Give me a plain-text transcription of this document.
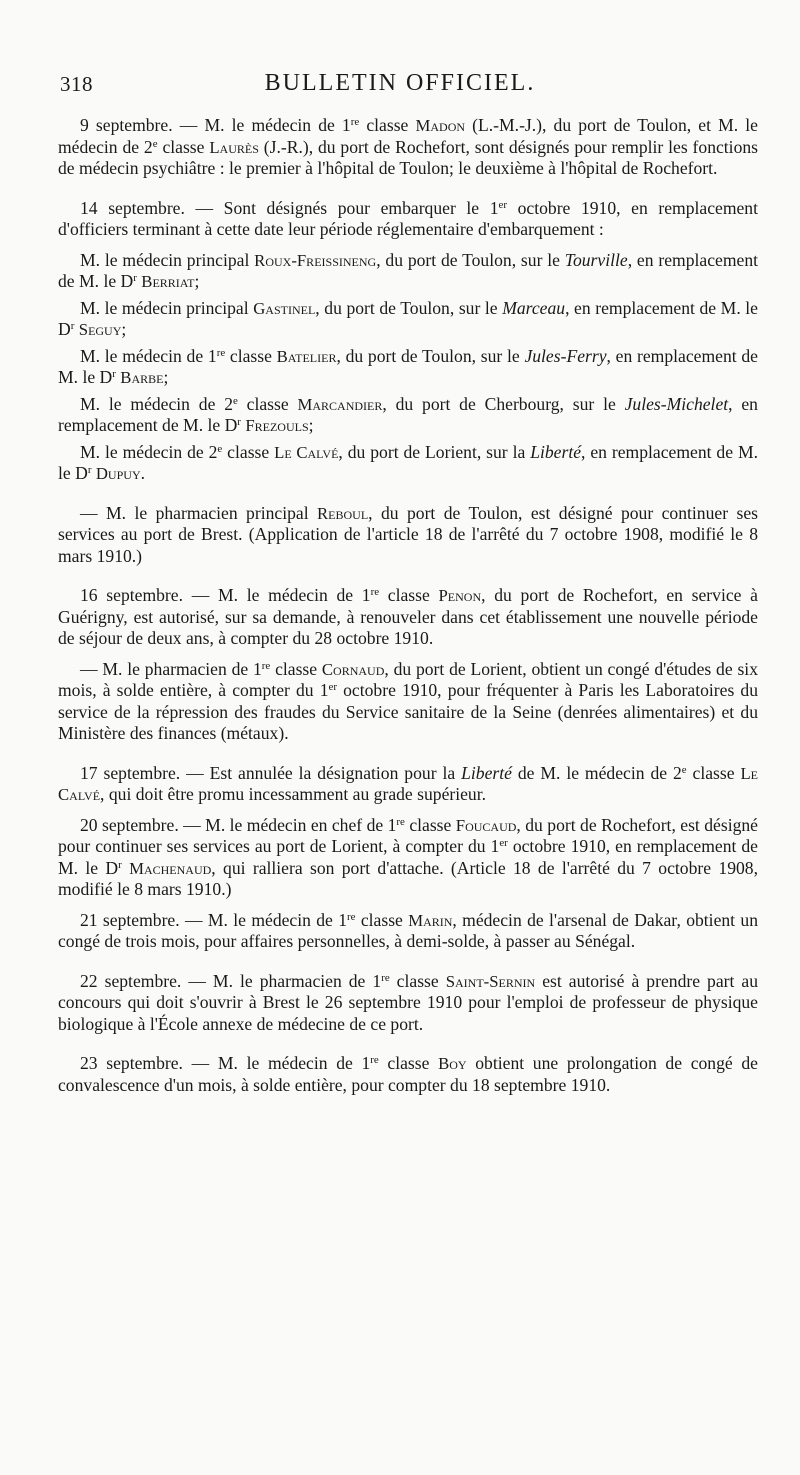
318	BULLETIN OFFICIEL.

9 septembre. — M. le médecin de 1re classe Madon (L.-M.-J.), du port de Toulon, et M. le médecin de 2e classe Laurès (J.-R.), du port de Rochefort, sont désignés pour remplir les fonctions de médecin psychiâtre : le premier à l'hôpital de Toulon; le deuxième à l'hôpital de Rochefort.

14 septembre. — Sont désignés pour embarquer le 1er octobre 1910, en remplacement d'officiers terminant à cette date leur période réglementaire d'embarquement :

M. le médecin principal Roux-Freissineng, du port de Toulon, sur le Tourville, en remplacement de M. le $D^r$ Berriat;

M. le médecin principal Gastinel, du port de Toulon, sur le Marceau, en remplacement de M. le $D^r$ Seguy;

M. le médecin de 1re classe Batelier, du port de Toulon, sur le Jules-Ferry, en remplacement de M. le $D^r$ Barbe;

M. le médecin de 2e classe Marcandier, du port de Cherbourg, sur le Jules-Michelet, en remplacement de M. le $D^r$ Frezouls;

M. le médecin de 2e classe Le Calvé, du port de Lorient, sur la Liberté, en remplacement de M. le $D^r$ Dupuy.

— M. le pharmacien principal Reboul, du port de Toulon, est désigné pour continuer ses services au port de Brest. (Application de l'article 18 de l'arrêté du 7 octobre 1908, modifié le 8 mars 1910.)

16 septembre. — M. le médecin de 1re classe Penon, du port de Rochefort, en service à Guérigny, est autorisé, sur sa demande, à renouveler dans cet établissement une nouvelle période de séjour de deux ans, à compter du 28 octobre 1910.

— M. le pharmacien de 1re classe Cornaud, du port de Lorient, obtient un congé d'études de six mois, à solde entière, à compter du 1er octobre 1910, pour fréquenter à Paris les Laboratoires du service de la répression des fraudes du Service sanitaire de la Seine (denrées alimentaires) et du Ministère des finances (métaux).

17 septembre. — Est annulée la désignation pour la Liberté de M. le médecin de 2e classe Le Calvé, qui doit être promu incessamment au grade supérieur.

20 septembre. — M. le médecin en chef de 1re classe Foucaud, du port de Rochefort, est désigné pour continuer ses services au port de Lorient, à compter du 1er octobre 1910, en remplacement de M. le $D^r$ Machenaud, qui ralliera son port d'attache. (Article 18 de l'arrêté du 7 octobre 1908, modifié le 8 mars 1910.)

21 septembre. — M. le médecin de 1re classe Marin, médecin de l'arsenal de Dakar, obtient un congé de trois mois, pour affaires personnelles, à demi-solde, à passer au Sénégal.

22 septembre. — M. le pharmacien de 1re classe Saint-Sernin est autorisé à prendre part au concours qui doit s'ouvrir à Brest le 26 septembre 1910 pour l'emploi de professeur de physique biologique à l'École annexe de médecine de ce port.

23 septembre. — M. le médecin de 1re classe Boy obtient une prolongation de congé de convalescence d'un mois, à solde entière, pour compter du 18 septembre 1910.
